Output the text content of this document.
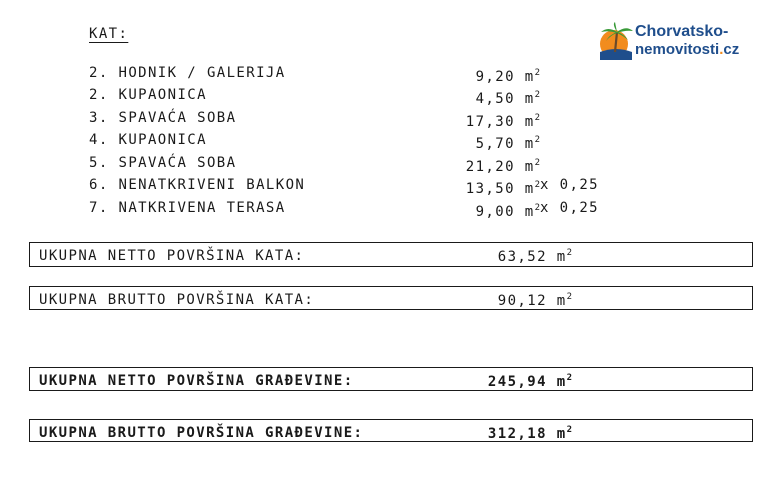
KAT:	Chorvatsko-
nemovitosti.cz
2. HODNIK / GALERIJA	9,20 $m^2$
2. KUPAONICA	4,50 $m^2$
3. SPAVAĆA SOBA	17,30 $m^2$
4. KUPAONICA	5,70 $m^2$
5. SPAVAĆA SOBA	21,20 $m^2$
6. NENATKRIVENI BALKON	13,50 $m^2$ x 0,25
7. NATKRIVENA TERASA	9,00 $m^2$ x 0,25
UKUPNA NETTO POVRŠINA KATA:	63,52 $m^2$
UKUPNA BRUTTO POVRŠINA KATA:	90,12 $m^2$
UKUPNA NETTO POVRŠINA GRAĐEVINE:	245,94 $m^2$
UKUPNA BRUTTO POVRŠINA GRAĐEVINE:	312,18 $m^2$
